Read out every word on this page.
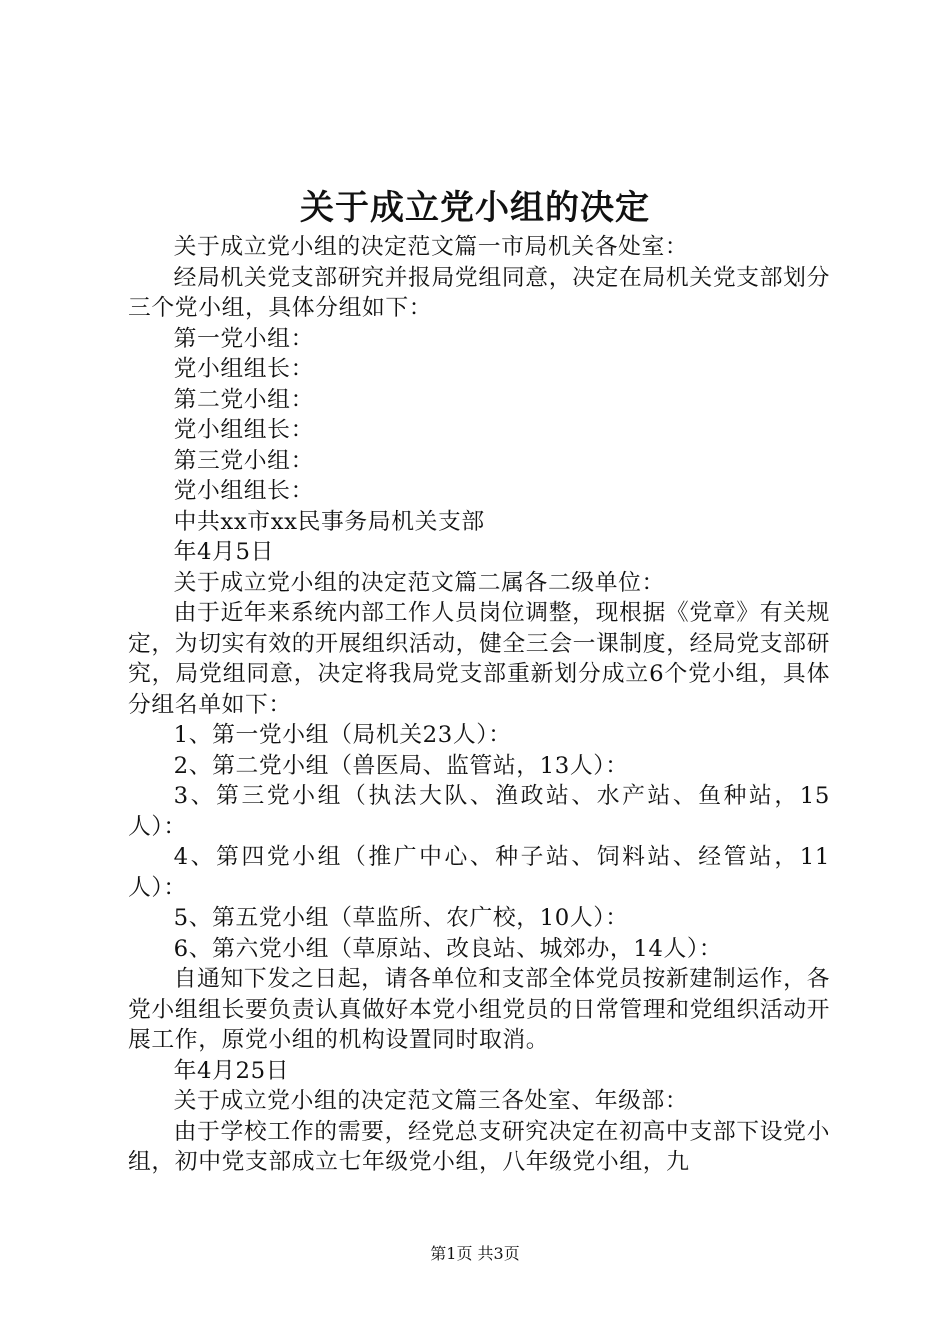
关于成立党小组的决定

关于成立党小组的决定范文篇一市局机关各处室：

经局机关党支部研究并报局党组同意，决定在局机关党支部划分三个党小组，具体分组如下：

第一党小组：

党小组组长：

第二党小组：

党小组组长：

第三党小组：

党小组组长：

中共xx市xx民事务局机关支部

年4月5日

关于成立党小组的决定范文篇二属各二级单位：

由于近年来系统内部工作人员岗位调整，现根据《党章》有关规定，为切实有效的开展组织活动，健全三会一课制度，经局党支部研究，局党组同意，决定将我局党支部重新划分成立6个党小组，具体分组名单如下：

1、第一党小组（局机关23人）：

2、第二党小组（兽医局、监管站，13人）：

3、第三党小组（执法大队、渔政站、水产站、鱼种站，15人）：

4、第四党小组（推广中心、种子站、饲料站、经管站，11人）：

5、第五党小组（草监所、农广校，10人）：

6、第六党小组（草原站、改良站、城郊办，14人）：

自通知下发之日起，请各单位和支部全体党员按新建制运作，各党小组组长要负责认真做好本党小组党员的日常管理和党组织活动开展工作，原党小组的机构设置同时取消。

年4月25日

关于成立党小组的决定范文篇三各处室、年级部：

由于学校工作的需要，经党总支研究决定在初高中支部下设党小组，初中党支部成立七年级党小组，八年级党小组，九

第1页 共3页
